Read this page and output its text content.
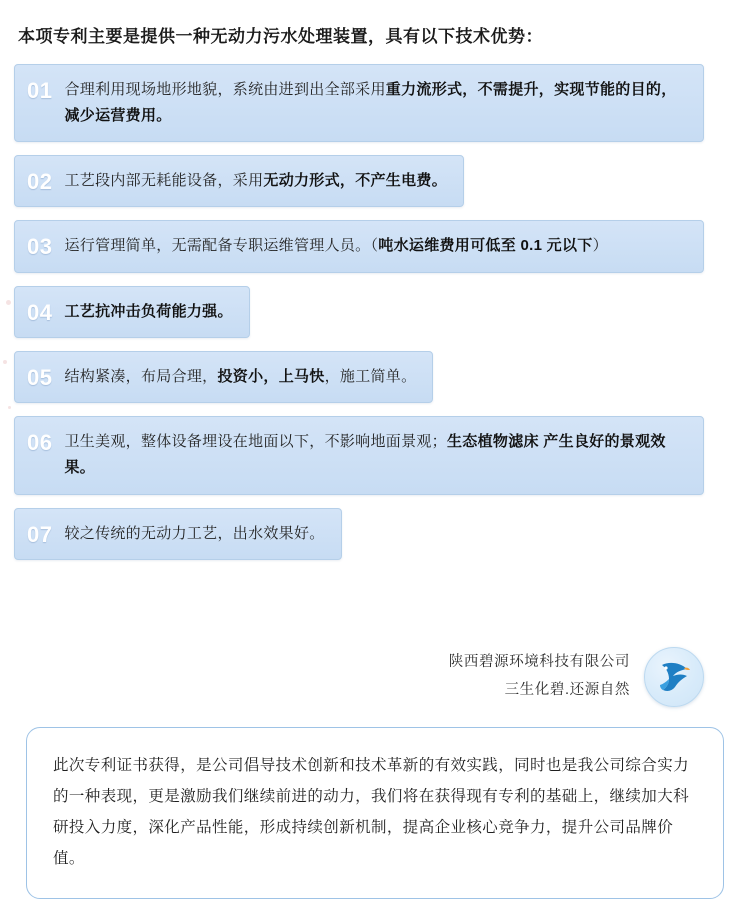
本项专利主要是提供一种无动力污水处理装置，具有以下技术优势：
01 合理利用现场地形地貌，系统由进到出全部采用重力流形式，不需提升，实现节能的目的，减少运营费用。
02 工艺段内部无耗能设备，采用无动力形式，不产生电费。
03 运行管理简单，无需配备专职运维管理人员。（吨水运维费用可低至 0.1 元以下）
04 工艺抗冲击负荷能力强。
05 结构紧凑，布局合理，投资小，上马快，施工简单。
06 卫生美观，整体设备埋设在地面以下，不影响地面景观；生态植物滤床 产生良好的景观效果。
07 较之传统的无动力工艺，出水效果好。
陕西碧源环境科技有限公司
三生化碧.还源自然
此次专利证书获得，是公司倡导技术创新和技术革新的有效实践，同时也是我公司综合实力的一种表现，更是激励我们继续前进的动力，我们将在获得现有专利的基础上，继续加大科研投入力度，深化产品性能，形成持续创新机制，提高企业核心竞争力，提升公司品牌价值。
